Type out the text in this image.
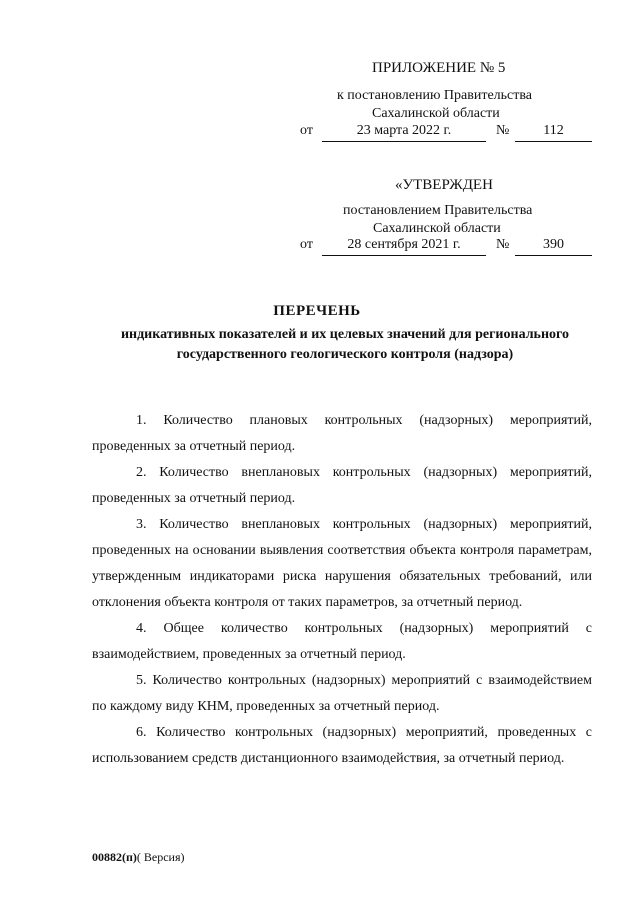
ПРИЛОЖЕНИЕ № 5
к постановлению Правительства
Сахалинской области
от	23 марта 2022 г.	№	112
«УТВЕРЖДЕН
постановлением Правительства
Сахалинской области
от	28 сентября 2021 г.	№	390
ПЕРЕЧЕНЬ
индикативных показателей и их целевых значений для регионального государственного геологического контроля (надзора)

1. Количество плановых контрольных (надзорных) мероприятий, проведенных за отчетный период.

2. Количество внеплановых контрольных (надзорных) мероприятий, проведенных за отчетный период.

3. Количество внеплановых контрольных (надзорных) мероприятий, проведенных на основании выявления соответствия объекта контроля параметрам, утвержденным индикаторами риска нарушения обязательных требований, или отклонения объекта контроля от таких параметров, за отчетный период.

4. Общее количество контрольных (надзорных) мероприятий с взаимодействием, проведенных за отчетный период.

5. Количество контрольных (надзорных) мероприятий с взаимодействием по каждому виду КНМ, проведенных за отчетный период.

6. Количество контрольных (надзорных) мероприятий, проведенных с использованием средств дистанционного взаимодействия, за отчетный период.

00882(п)( Версия)
